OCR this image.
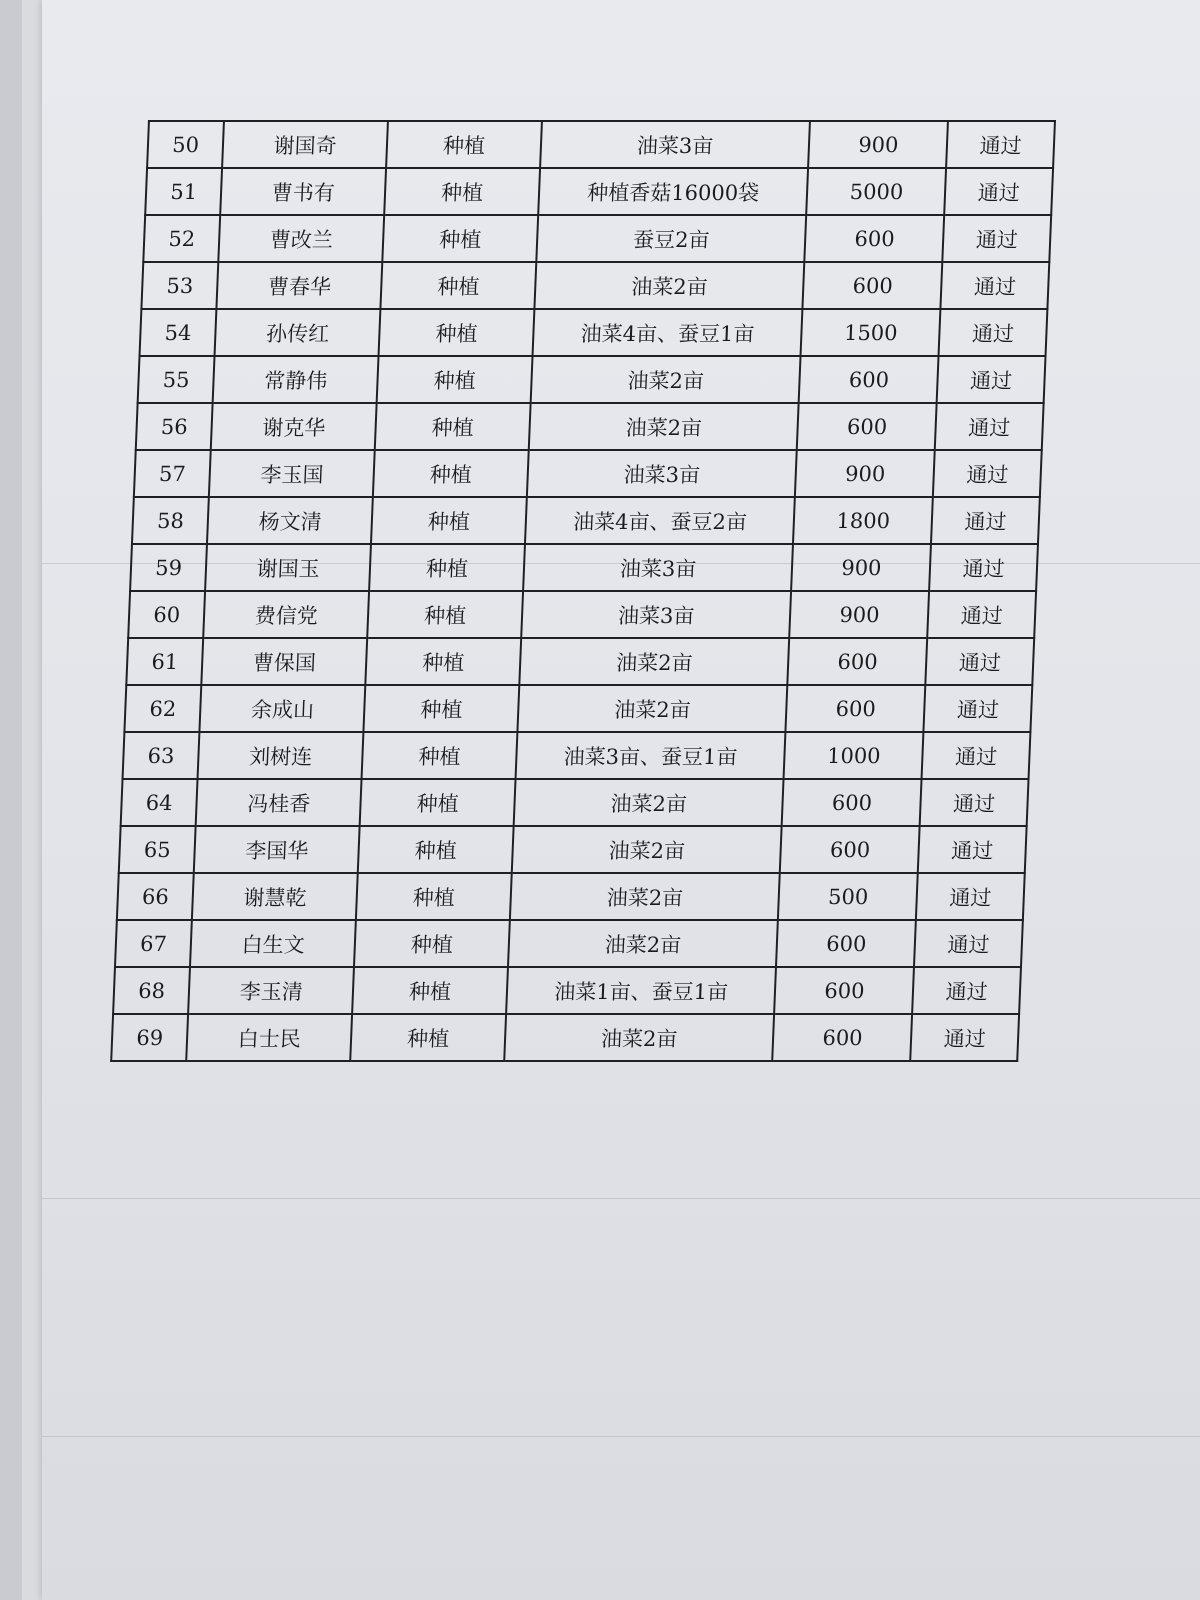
50	谢国奇	种植	油菜3亩	900	通过
51	曹书有	种植	种植香菇16000袋	5000	通过
52	曹改兰	种植	蚕豆2亩	600	通过
53	曹春华	种植	油菜2亩	600	通过
54	孙传红	种植	油菜4亩、蚕豆1亩	1500	通过
55	常静伟	种植	油菜2亩	600	通过
56	谢克华	种植	油菜2亩	600	通过
57	李玉国	种植	油菜3亩	900	通过
58	杨文清	种植	油菜4亩、蚕豆2亩	1800	通过
59	谢国玉	种植	油菜3亩	900	通过
60	费信党	种植	油菜3亩	900	通过
61	曹保国	种植	油菜2亩	600	通过
62	余成山	种植	油菜2亩	600	通过
63	刘树连	种植	油菜3亩、蚕豆1亩	1000	通过
64	冯桂香	种植	油菜2亩	600	通过
65	李国华	种植	油菜2亩	600	通过
66	谢慧乾	种植	油菜2亩	500	通过
67	白生文	种植	油菜2亩	600	通过
68	李玉清	种植	油菜1亩、蚕豆1亩	600	通过
69	白士民	种植	油菜2亩	600	通过
